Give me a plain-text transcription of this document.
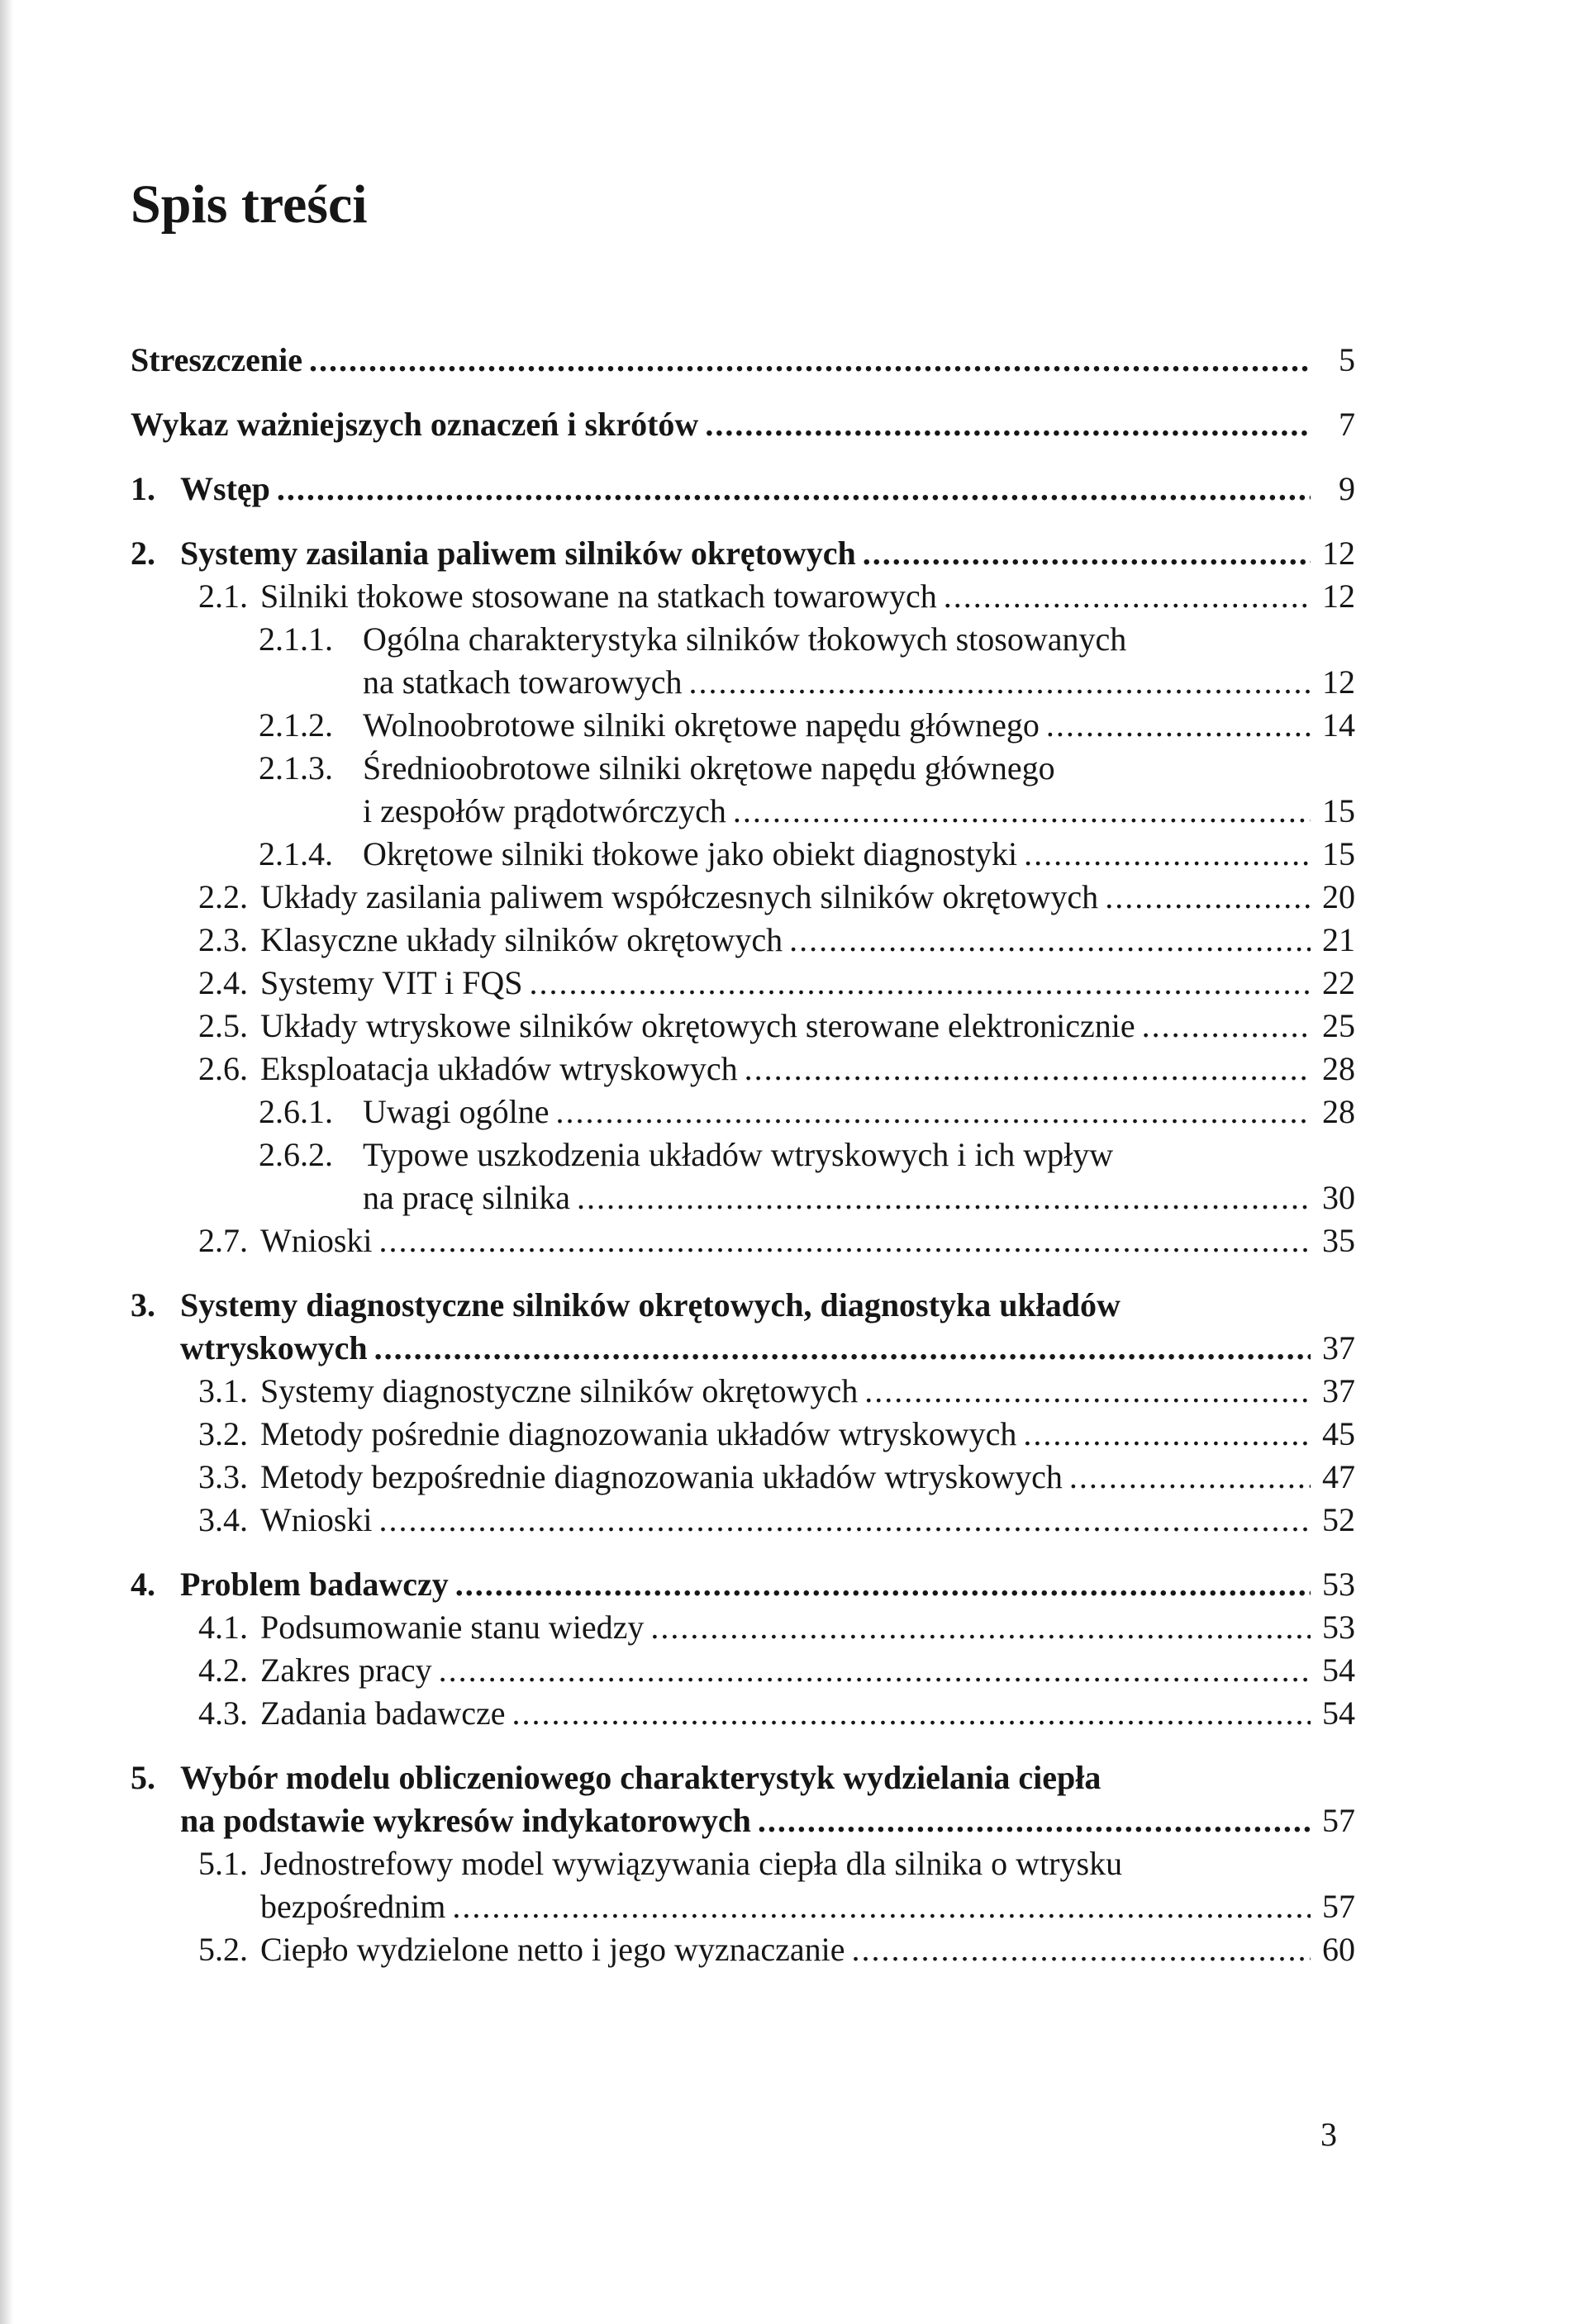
Spis treści
Streszczenie .....	5
Wykaz ważniejszych oznaczeń i skrótów .....	7
1. Wstęp .....	9
2. Systemy zasilania paliwem silników okrętowych .....	12
2.1. Silniki tłokowe stosowane na statkach towarowych .....	12
2.1.1. Ogólna charakterystyka silników tłokowych stosowanych
na statkach towarowych .....	12
2.1.2. Wolnoobrotowe silniki okrętowe napędu głównego .....	14
2.1.3. Średnioobrotowe silniki okrętowe napędu głównego
i zespołów prądotwórczych .....	15
2.1.4. Okrętowe silniki tłokowe jako obiekt diagnostyki .....	15
2.2. Układy zasilania paliwem współczesnych silników okrętowych .....	20
2.3. Klasyczne układy silników okrętowych .....	21
2.4. Systemy VIT i FQS .....	22
2.5. Układy wtryskowe silników okrętowych sterowane elektronicznie .....	25
2.6. Eksploatacja układów wtryskowych .....	28
2.6.1. Uwagi ogólne .....	28
2.6.2. Typowe uszkodzenia układów wtryskowych i ich wpływ
na pracę silnika .....	30
2.7. Wnioski .....	35
3. Systemy diagnostyczne silników okrętowych, diagnostyka układów
wtryskowych .....	37
3.1. Systemy diagnostyczne silników okrętowych .....	37
3.2. Metody pośrednie diagnozowania układów wtryskowych .....	45
3.3. Metody bezpośrednie diagnozowania układów wtryskowych .....	47
3.4. Wnioski .....	52
4. Problem badawczy .....	53
4.1. Podsumowanie stanu wiedzy .....	53
4.2. Zakres pracy .....	54
4.3. Zadania badawcze .....	54
5. Wybór modelu obliczeniowego charakterystyk wydzielania ciepła
na podstawie wykresów indykatorowych .....	57
5.1. Jednostrefowy model wywiązywania ciepła dla silnika o wtrysku
bezpośrednim .....	57
5.2. Ciepło wydzielone netto i jego wyznaczanie .....	60
3
